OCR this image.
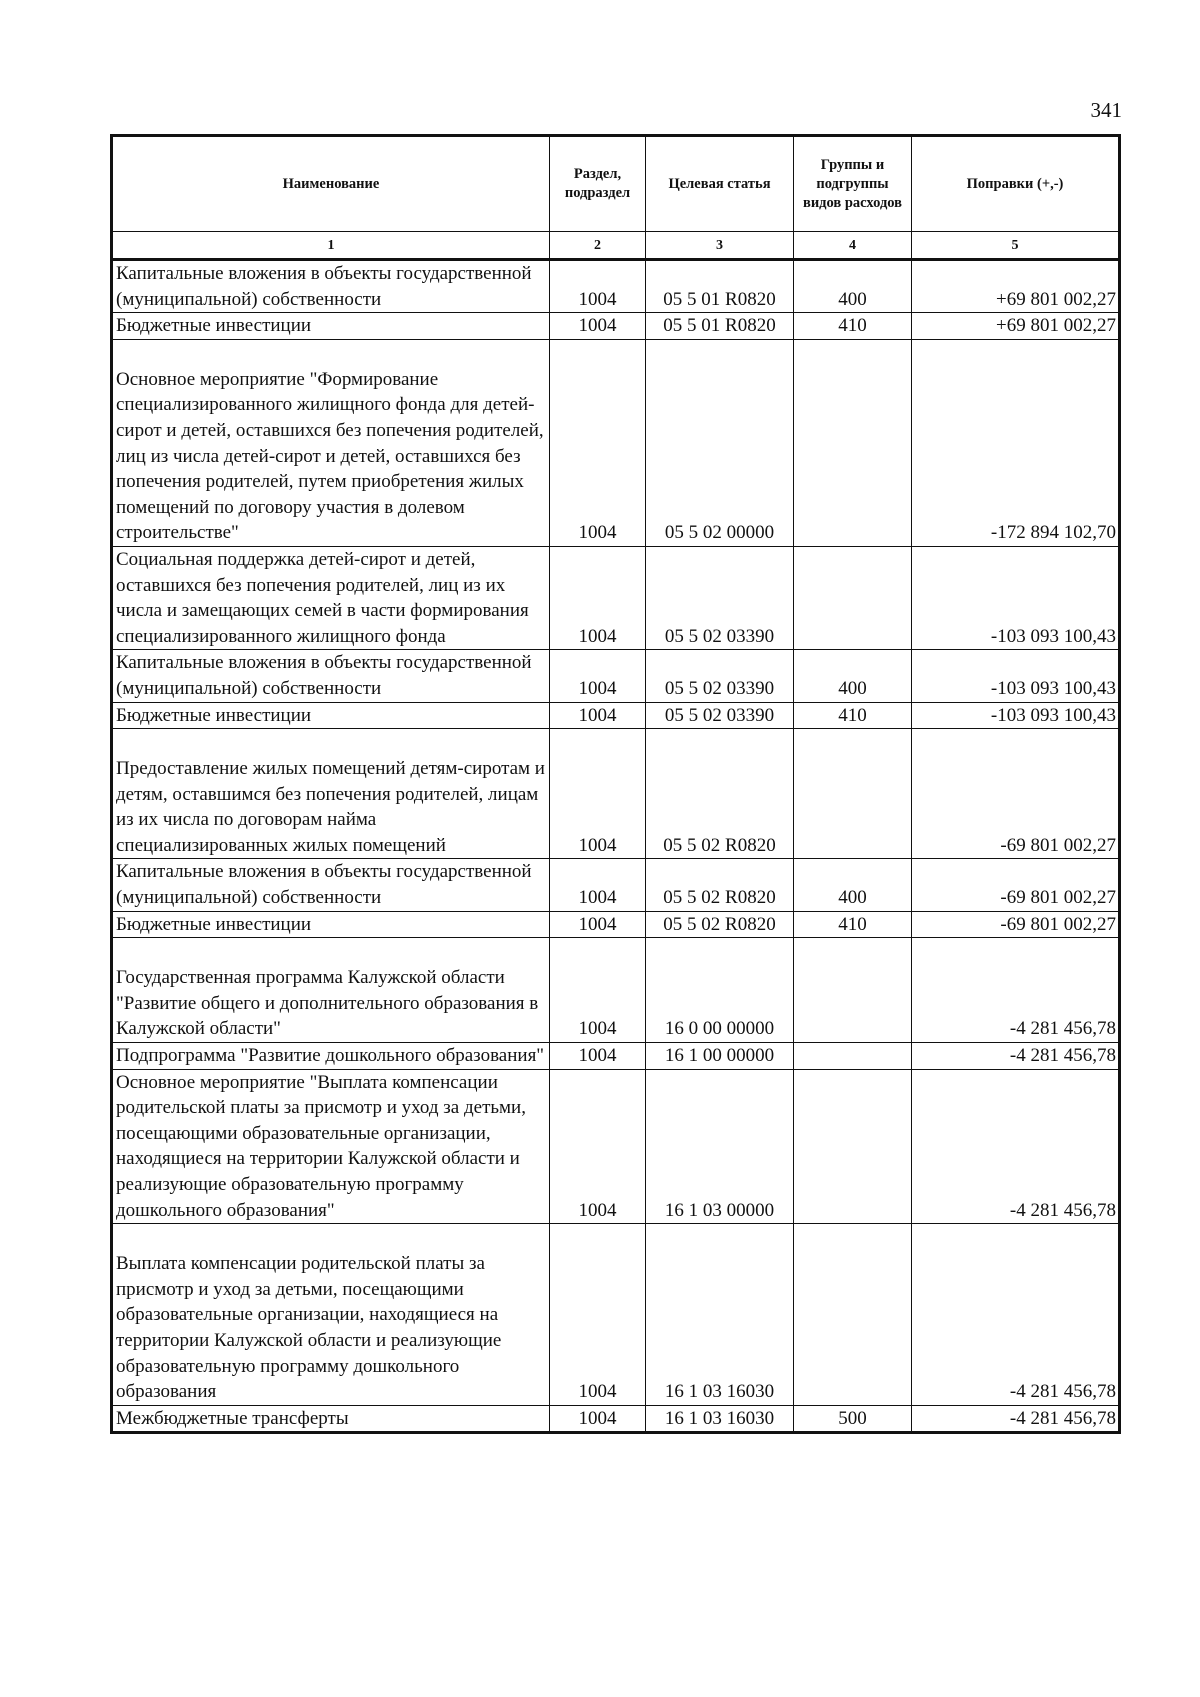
341
Наименование	Раздел, подраздел	Целевая статья	Группы и подгруппы видов расходов	Поправки (+,-)
1	2	3	4	5
Капитальные вложения в объекты государственной (муниципальной) собственности	1004	05 5 01 R0820	400	+69 801 002,27
Бюджетные инвестиции	1004	05 5 01 R0820	410	+69 801 002,27
Основное мероприятие "Формирование специализированного жилищного фонда для детей-сирот и детей, оставшихся без попечения родителей, лиц из числа детей-сирот и детей, оставшихся без попечения родителей, путем приобретения жилых помещений по договору участия в долевом строительстве"	1004	05 5 02 00000		-172 894 102,70
Социальная поддержка детей-сирот и детей, оставшихся без попечения родителей, лиц из их числа и замещающих семей в части формирования специализированного жилищного фонда	1004	05 5 02 03390		-103 093 100,43
Капитальные вложения в объекты государственной (муниципальной) собственности	1004	05 5 02 03390	400	-103 093 100,43
Бюджетные инвестиции	1004	05 5 02 03390	410	-103 093 100,43
Предоставление жилых помещений детям-сиротам и детям, оставшимся без попечения родителей, лицам из их числа по договорам найма специализированных жилых помещений	1004	05 5 02 R0820		-69 801 002,27
Капитальные вложения в объекты государственной (муниципальной) собственности	1004	05 5 02 R0820	400	-69 801 002,27
Бюджетные инвестиции	1004	05 5 02 R0820	410	-69 801 002,27
Государственная программа Калужской области "Развитие общего и дополнительного образования в Калужской области"	1004	16 0 00 00000		-4 281 456,78
Подпрограмма "Развитие дошкольного образования"	1004	16 1 00 00000		-4 281 456,78
Основное мероприятие "Выплата компенсации родительской платы за присмотр и уход за детьми, посещающими образовательные организации, находящиеся на территории Калужской области и реализующие образовательную программу дошкольного образования"	1004	16 1 03 00000		-4 281 456,78
Выплата компенсации родительской платы за присмотр и уход за детьми, посещающими образовательные организации, находящиеся на территории Калужской области и реализующие образовательную программу дошкольного образования	1004	16 1 03 16030		-4 281 456,78
Межбюджетные трансферты	1004	16 1 03 16030	500	-4 281 456,78
